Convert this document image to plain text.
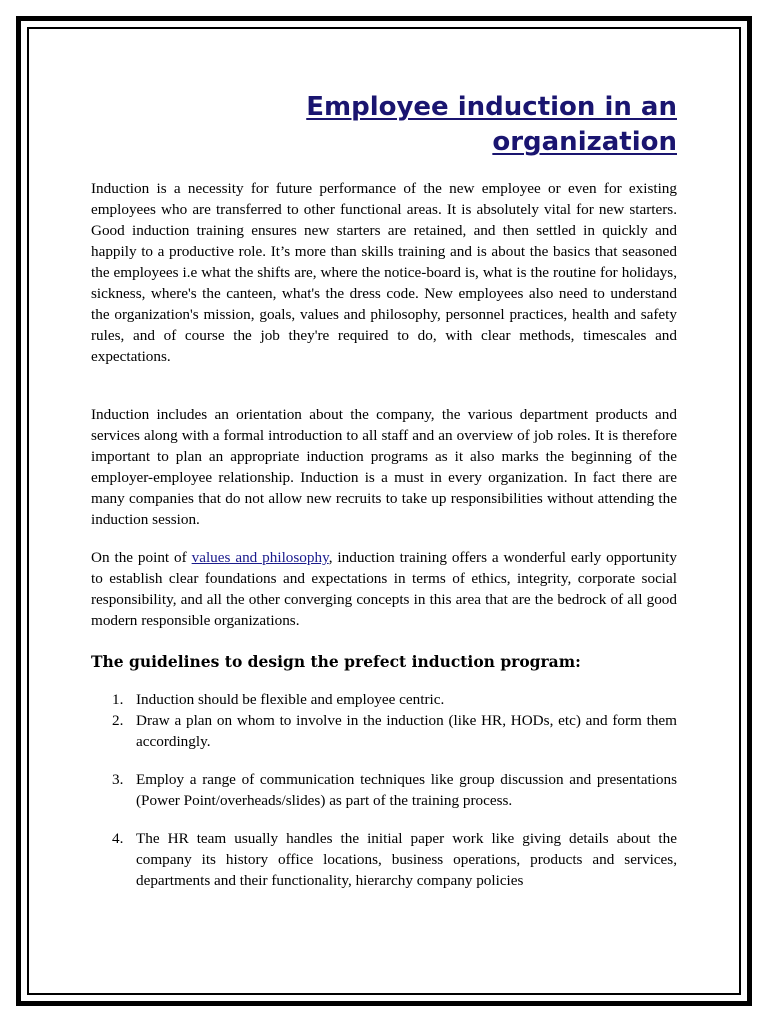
Employee induction in an organization

Induction is a necessity for future performance of the new employee or even for existing employees who are transferred to other functional areas. It is absolutely vital for new starters. Good induction training ensures new starters are retained, and then settled in quickly and happily to a productive role. It’s more than skills training and is about the basics that seasoned the employees i.e what the shifts are, where the notice-board is, what is the routine for holidays, sickness, where's the canteen, what's the dress code. New employees also need to understand the organization's mission, goals, values and philosophy, personnel practices, health and safety rules, and of course the job they're required to do, with clear methods, timescales and expectations.

Induction includes an orientation about the company, the various department products and services along with a formal introduction to all staff and an overview of job roles. It is therefore important to plan an appropriate induction programs as it also marks the beginning of the employer-employee relationship. Induction is a must in every organization. In fact there are many companies that do not allow new recruits to take up responsibilities without attending the induction session.

On the point of values and philosophy, induction training offers a wonderful early opportunity to establish clear foundations and expectations in terms of ethics, integrity, corporate social responsibility, and all the other converging concepts in this area that are the bedrock of all good modern responsible organizations.

The guidelines to design the prefect induction program:
1. Induction should be flexible and employee centric.
2. Draw a plan on whom to involve in the induction (like HR, HODs, etc) and form them accordingly.
3. Employ a range of communication techniques like group discussion and presentations (Power Point/overheads/slides) as part of the training process.
4. The HR team usually handles the initial paper work like giving details about the company its history office locations, business operations, products and services, departments and their functionality, hierarchy company policies
